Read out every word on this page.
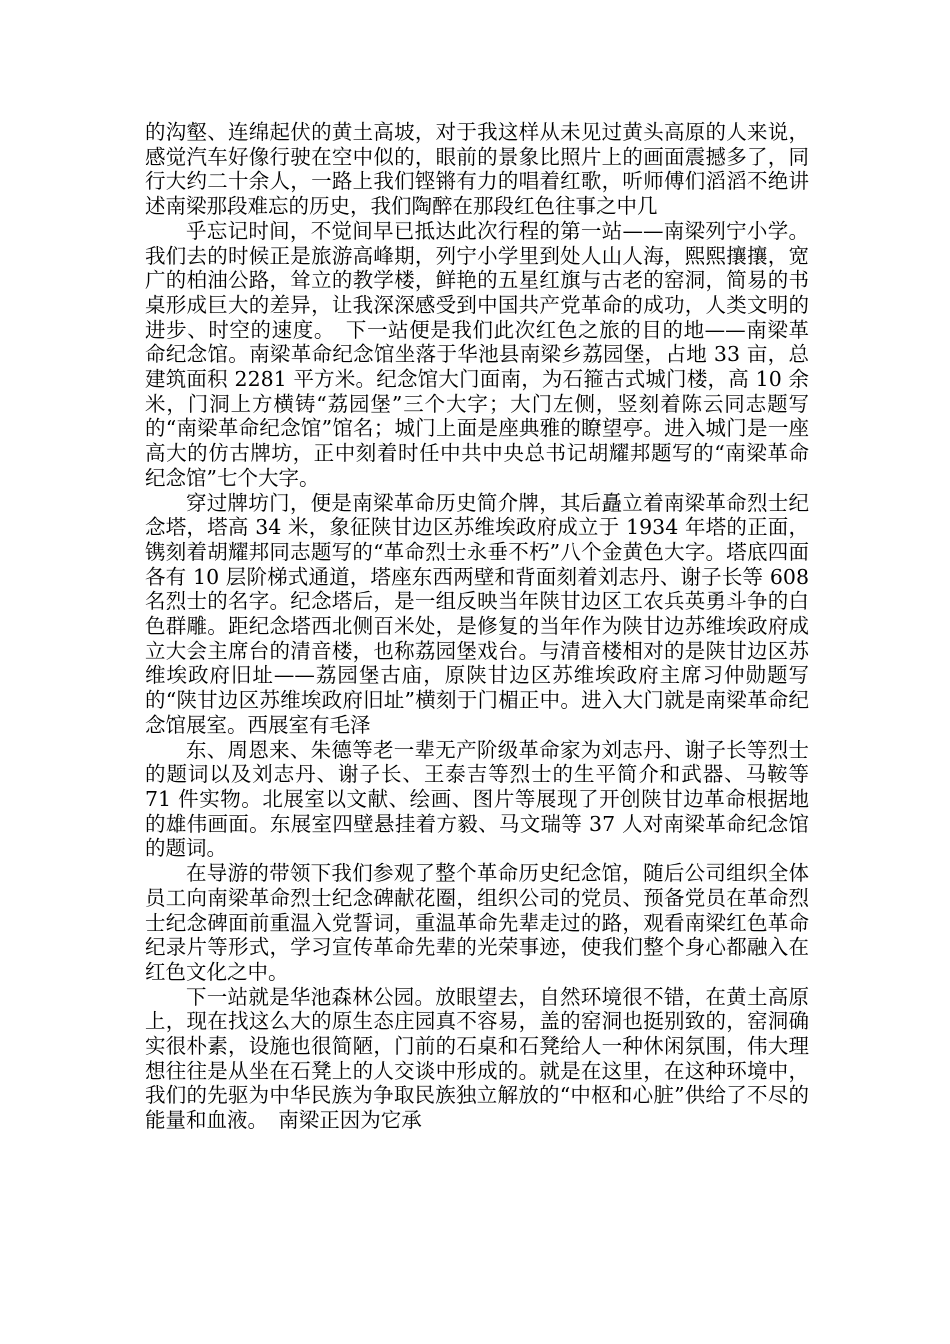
的沟壑、连绵起伏的黄土高坡，对于我这样从未见过黄头高原的人来说，感觉汽车好像行驶在空中似的，眼前的景象比照片上的画面震撼多了，同行大约二十余人，一路上我们铿锵有力的唱着红歌，听师傅们滔滔不绝讲述南梁那段难忘的历史，我们陶醉在那段红色往事之中几

乎忘记时间，不觉间早已抵达此次行程的第一站——南梁列宁小学。我们去的时候正是旅游高峰期，列宁小学里到处人山人海，熙熙攘攘，宽广的柏油公路，耸立的教学楼，鲜艳的五星红旗与古老的窑洞，简易的书桌形成巨大的差异，让我深深感受到中国共产党革命的成功，人类文明的进步、时空的速度。　下一站便是我们此次红色之旅的目的地——南梁革命纪念馆。南梁革命纪念馆坐落于华池县南梁乡荔园堡，占地 33 亩，总建筑面积 2281 平方米。纪念馆大门面南，为石箍古式城门楼，高 10 余米，门洞上方横铸“荔园堡”三个大字；大门左侧，竖刻着陈云同志题写的“南梁革命纪念馆”馆名；城门上面是座典雅的瞭望亭。进入城门是一座高大的仿古牌坊，正中刻着时任中共中央总书记胡耀邦题写的“南梁革命纪念馆”七个大字。

穿过牌坊门，便是南梁革命历史简介牌，其后矗立着南梁革命烈士纪念塔，塔高 34 米，象征陕甘边区苏维埃政府成立于 1934 年塔的正面，镌刻着胡耀邦同志题写的“革命烈士永垂不朽”八个金黄色大字。塔底四面各有 10 层阶梯式通道，塔座东西两壁和背面刻着刘志丹、谢子长等 608 名烈士的名字。纪念塔后，是一组反映当年陕甘边区工农兵英勇斗争的白色群雕。距纪念塔西北侧百米处，是修复的当年作为陕甘边苏维埃政府成立大会主席台的清音楼，也称荔园堡戏台。与清音楼相对的是陕甘边区苏维埃政府旧址——荔园堡古庙，原陕甘边区苏维埃政府主席习仲勋题写的“陕甘边区苏维埃政府旧址”横刻于门楣正中。进入大门就是南梁革命纪念馆展室。西展室有毛泽

东、周恩来、朱德等老一辈无产阶级革命家为刘志丹、谢子长等烈士的题词以及刘志丹、谢子长、王泰吉等烈士的生平简介和武器、马鞍等 71 件实物。北展室以文献、绘画、图片等展现了开创陕甘边革命根据地的雄伟画面。东展室四壁悬挂着方毅、马文瑞等 37 人对南梁革命纪念馆的题词。

在导游的带领下我们参观了整个革命历史纪念馆，随后公司组织全体员工向南梁革命烈士纪念碑献花圈，组织公司的党员、预备党员在革命烈士纪念碑面前重温入党誓词，重温革命先辈走过的路，观看南梁红色革命纪录片等形式，学习宣传革命先辈的光荣事迹，使我们整个身心都融入在红色文化之中。

下一站就是华池森林公园。放眼望去，自然环境很不错，在黄土高原上，现在找这么大的原生态庄园真不容易，盖的窑洞也挺别致的，窑洞确实很朴素，设施也很简陋，门前的石桌和石凳给人一种休闲氛围，伟大理想往往是从坐在石凳上的人交谈中形成的。就是在这里，在这种环境中，我们的先驱为中华民族为争取民族独立解放的“中枢和心脏”供给了不尽的能量和血液。　南梁正因为它承
